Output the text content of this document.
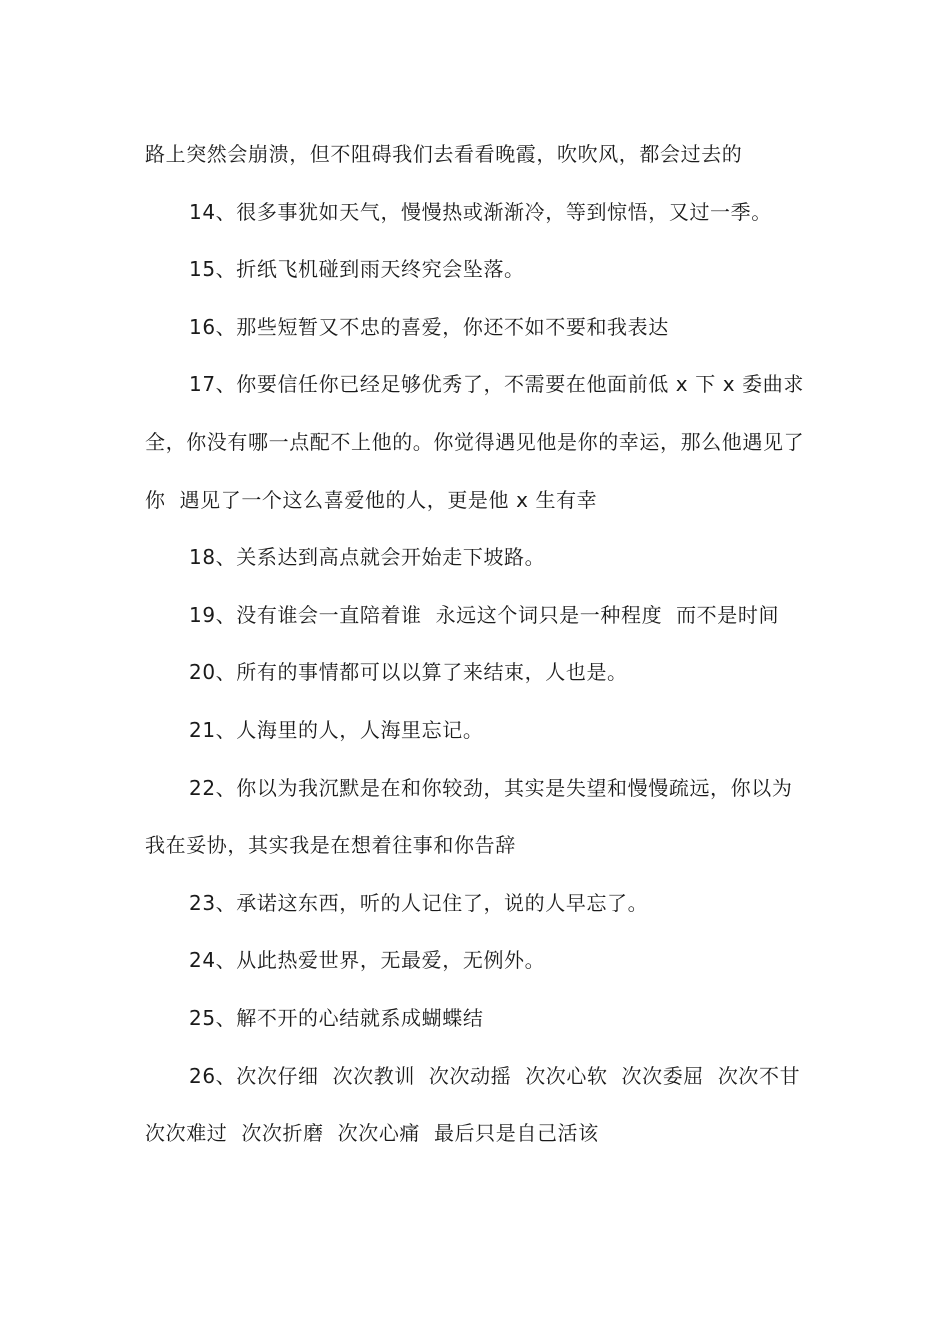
路上突然会崩溃，但不阻碍我们去看看晚霞，吹吹风，都会过去的

14、很多事犹如天气，慢慢热或渐渐冷，等到惊悟，又过一季。

15、折纸飞机碰到雨天终究会坠落。

16、那些短暂又不忠的喜爱，你还不如不要和我表达

17、你要信任你已经足够优秀了，不需要在他面前低 x 下 x 委曲求全，你没有哪一点配不上他的。你觉得遇见他是你的幸运，那么他遇见了你  遇见了一个这么喜爱他的人，更是他 x 生有幸

18、关系达到高点就会开始走下坡路。

19、没有谁会一直陪着谁  永远这个词只是一种程度  而不是时间

20、所有的事情都可以以算了来结束，人也是。

21、人海里的人，人海里忘记。

22、你以为我沉默是在和你较劲，其实是失望和慢慢疏远，你以为我在妥协，其实我是在想着往事和你告辞

23、承诺这东西，听的人记住了，说的人早忘了。

24、从此热爱世界，无最爱，无例外。

25、解不开的心结就系成蝴蝶结

26、次次仔细  次次教训  次次动摇  次次心软  次次委屈  次次不甘  次次难过  次次折磨  次次心痛  最后只是自己活该
